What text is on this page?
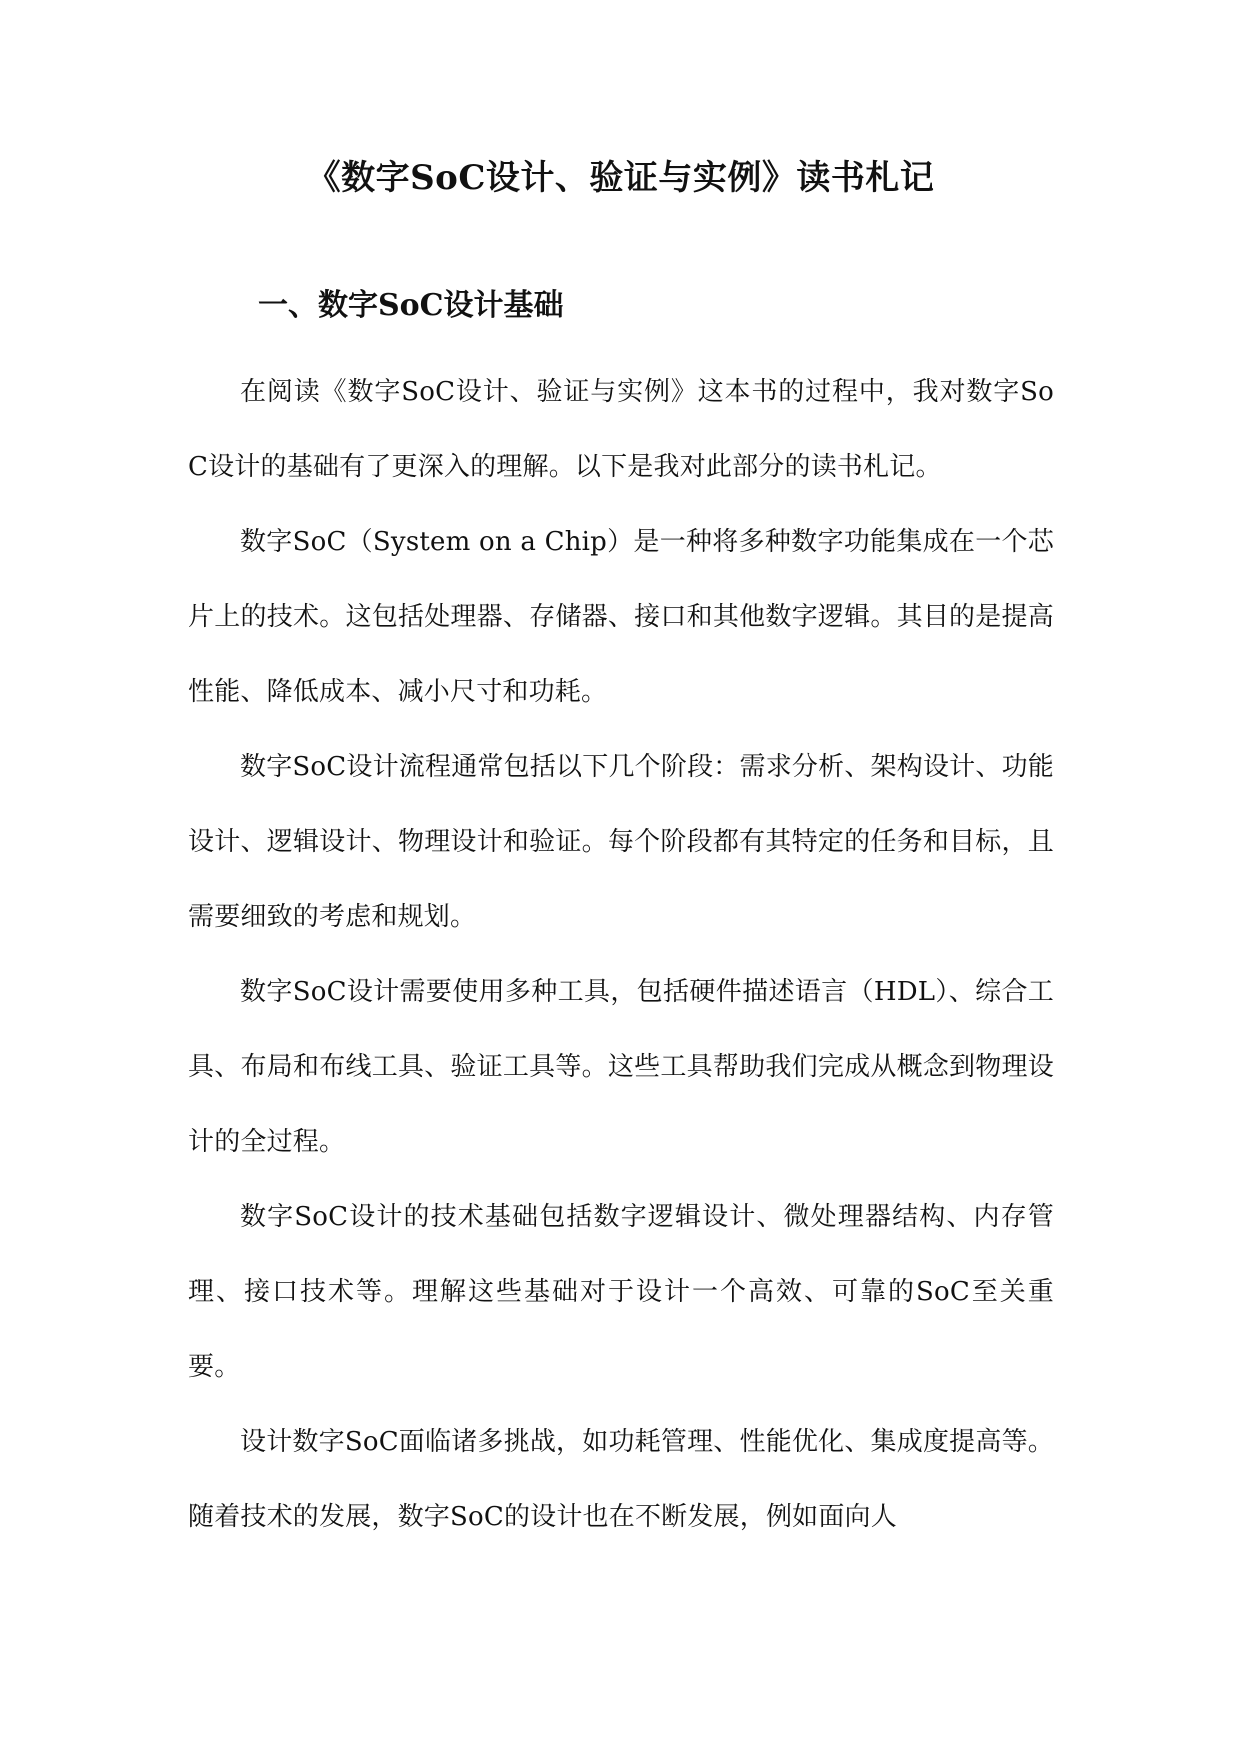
《数字SoC设计、验证与实例》读书札记
一、数字SoC设计基础

在阅读《数字SoC设计、验证与实例》这本书的过程中，我对数字SoC设计的基础有了更深入的理解。以下是我对此部分的读书札记。

数字SoC（System on a Chip）是一种将多种数字功能集成在一个芯片上的技术。这包括处理器、存储器、接口和其他数字逻辑。其目的是提高性能、降低成本、减小尺寸和功耗。

数字SoC设计流程通常包括以下几个阶段：需求分析、架构设计、功能设计、逻辑设计、物理设计和验证。每个阶段都有其特定的任务和目标，且需要细致的考虑和规划。

数字SoC设计需要使用多种工具，包括硬件描述语言（HDL）、综合工具、布局和布线工具、验证工具等。这些工具帮助我们完成从概念到物理设计的全过程。

数字SoC设计的技术基础包括数字逻辑设计、微处理器结构、内存管理、接口技术等。理解这些基础对于设计一个高效、可靠的SoC至关重要。

设计数字SoC面临诸多挑战，如功耗管理、性能优化、集成度提高等。随着技术的发展，数字SoC的设计也在不断发展，例如面向人
